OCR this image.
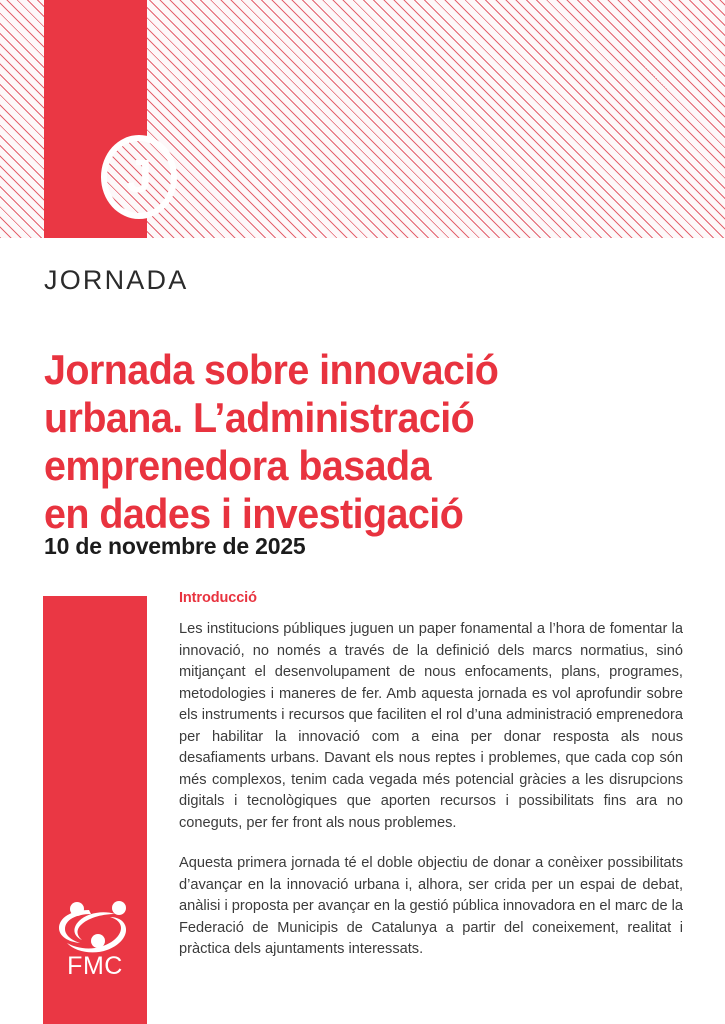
J
JORNADA
Jornada sobre innovació
urbana. L’administració
emprenedora basada
en dades i investigació
10 de novembre de 2025
FMC
Introducció

Les institucions públiques juguen un paper fonamental a l’hora de fomentar la innovació, no només a través de la definició dels marcs normatius, sinó mitjançant el desenvolupament de nous enfocaments, plans, programes, metodologies i maneres de fer. Amb aquesta jornada es vol aprofundir sobre els instruments i recursos que faciliten el rol d’una administració emprenedora per habilitar la innovació com a eina per donar resposta als nous desafiaments urbans. Davant els nous reptes i problemes, que cada cop són més complexos, tenim cada vegada més potencial gràcies a les disrupcions digitals i tecnològiques que aporten recursos i possibilitats fins ara no coneguts, per fer front als nous problemes.

Aquesta primera jornada té el doble objectiu de donar a conèixer possibilitats d’avançar en la innovació urbana i, alhora, ser crida per un espai de debat, anàlisi i proposta per avançar en la gestió pública innovadora en el marc de la Federació de Municipis de Catalunya a partir del coneixement, realitat i pràctica dels ajuntaments interessats.
